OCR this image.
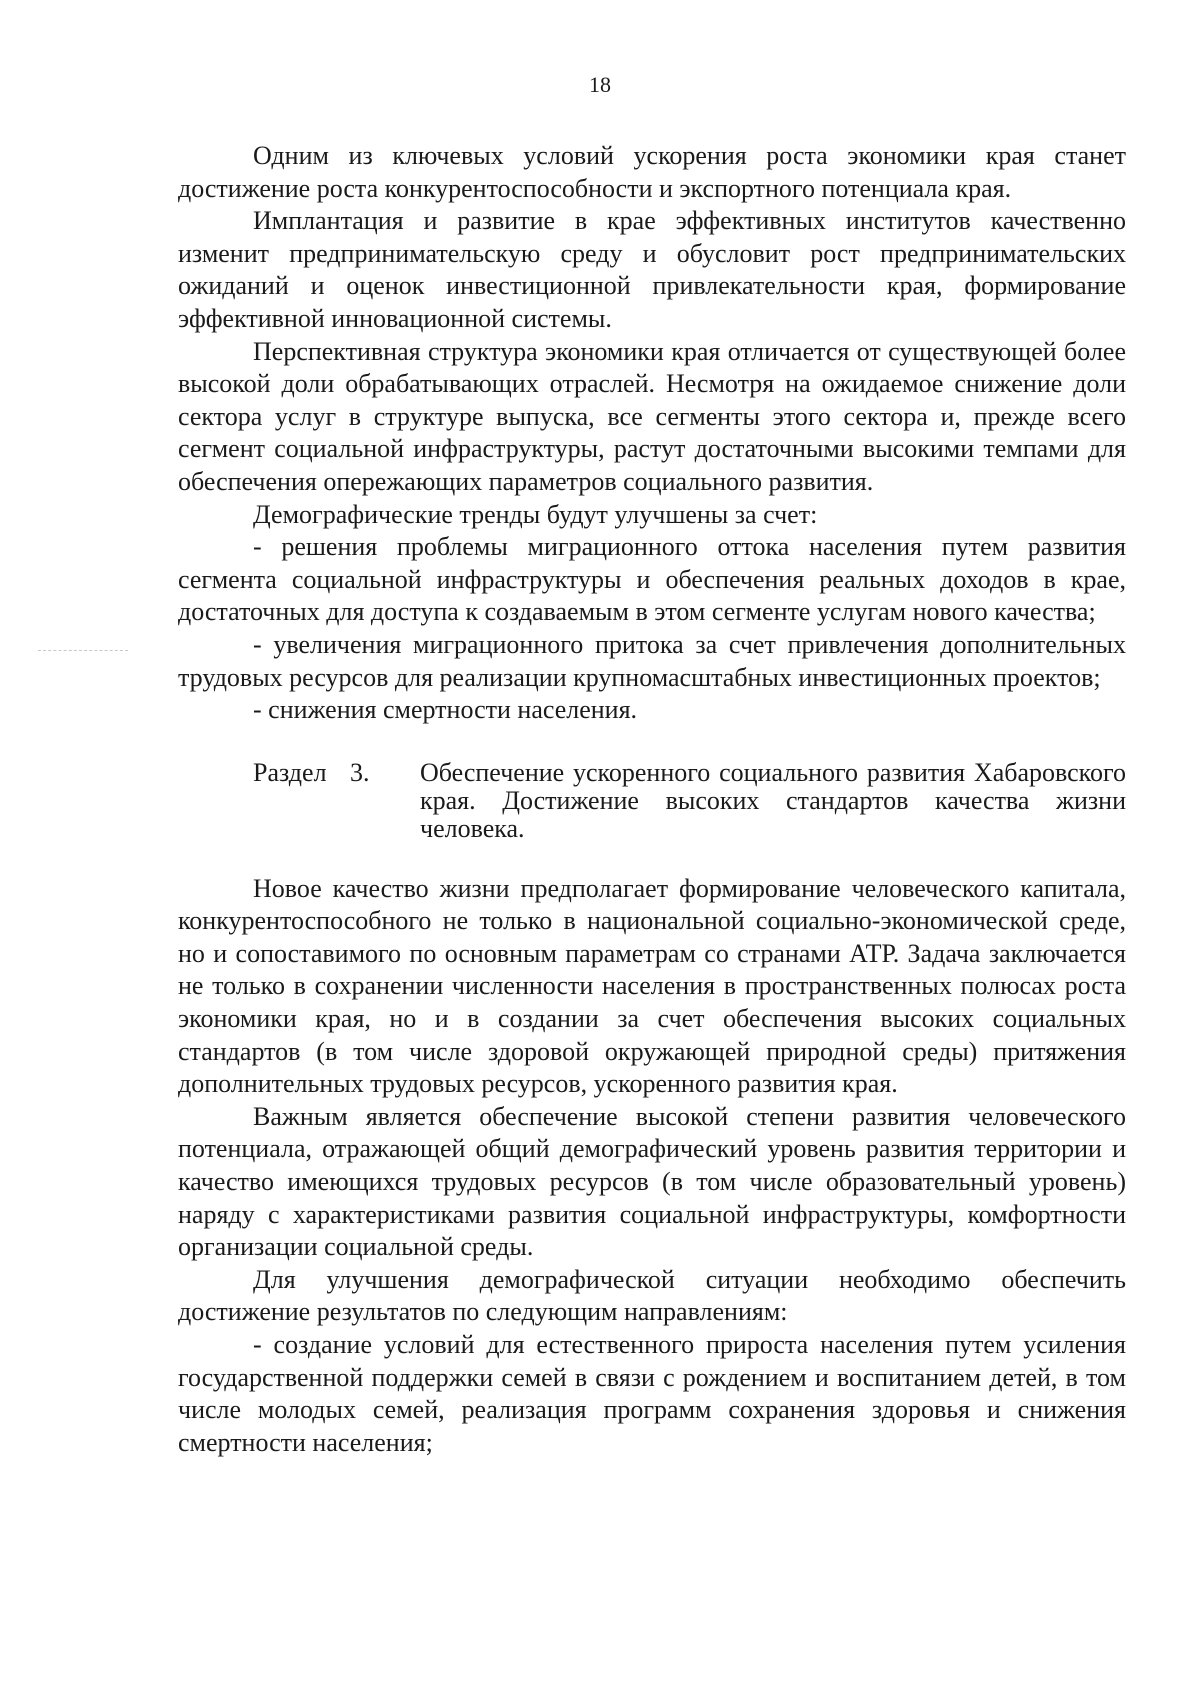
18

Одним из ключевых условий ускорения роста экономики края станет достижение роста конкурентоспособности и экспортного потенциала края.

Имплантация и развитие в крае эффективных институтов качественно изменит предпринимательскую среду и обусловит рост предпринимательских ожиданий и оценок инвестиционной привлекательности края, формирование эффективной инновационной системы.

Перспективная структура экономики края отличается от существующей более высокой доли обрабатывающих отраслей. Несмотря на ожидаемое снижение доли сектора услуг в структуре выпуска, все сегменты этого сектора и, прежде всего сегмент социальной инфраструктуры, растут достаточными высокими темпами для обеспечения опережающих параметров социального развития.

Демографические тренды будут улучшены за счет:

- решения проблемы миграционного оттока населения путем развития сегмента социальной инфраструктуры и обеспечения реальных доходов в крае, достаточных для доступа к создаваемым в этом сегменте услугам нового качества;

- увеличения миграционного притока за счет привлечения дополнительных трудовых ресурсов для реализации крупномасштабных инвестиционных проектов;

- снижения смертности населения.

Раздел 3.	Обеспечение ускоренного социального развития Хабаровского края. Достижение высоких стандартов качества жизни человека.

Новое качество жизни предполагает формирование человеческого капитала, конкурентоспособного не только в национальной социально-экономической среде, но и сопоставимого по основным параметрам со странами АТР. Задача заключается не только в сохранении численности населения в пространственных полюсах роста экономики края, но и в создании за счет обеспечения высоких социальных стандартов (в том числе здоровой окружающей природной среды) притяжения дополнительных трудовых ресурсов, ускоренного развития края.

Важным является обеспечение высокой степени развития человеческого потенциала, отражающей общий демографический уровень развития территории и качество имеющихся трудовых ресурсов (в том числе образовательный уровень) наряду с характеристиками развития социальной инфраструктуры, комфортности организации социальной среды.

Для улучшения демографической ситуации необходимо обеспечить достижение результатов по следующим направлениям:

- создание условий для естественного прироста населения путем усиления государственной поддержки семей в связи с рождением и воспитанием детей, в том числе молодых семей, реализация программ сохранения здоровья и снижения смертности населения;
